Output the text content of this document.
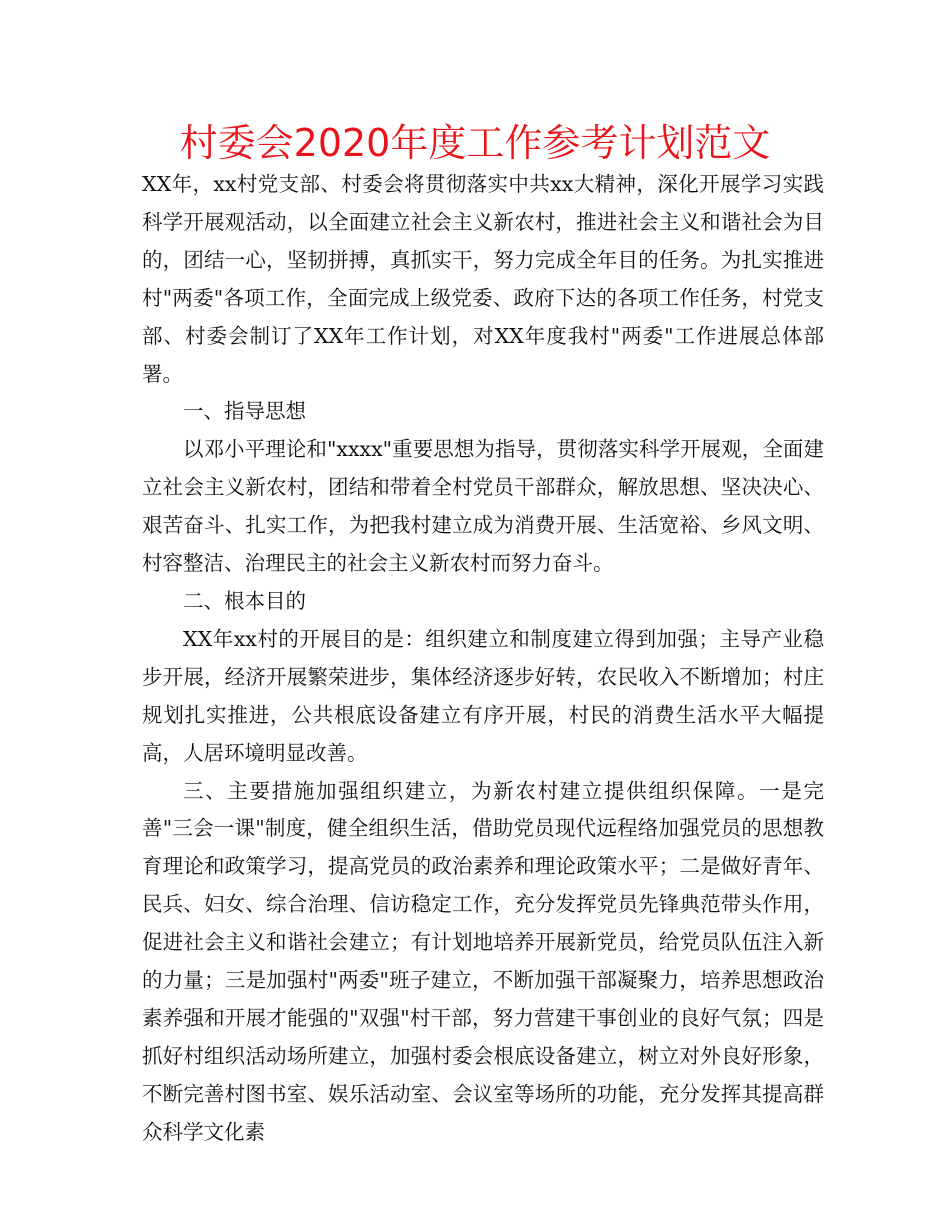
村委会2020年度工作参考计划范文

XX年，xx村党支部、村委会将贯彻落实中共xx大精神，深化开展学习实践科学开展观活动，以全面建立社会主义新农村，推进社会主义和谐社会为目的，团结一心，坚韧拼搏，真抓实干，努力完成全年目的任务。为扎实推进村"两委"各项工作，全面完成上级党委、政府下达的各项工作任务，村党支部、村委会制订了XX年工作计划，对XX年度我村"两委"工作进展总体部署。

一、指导思想

以邓小平理论和"xxxx"重要思想为指导，贯彻落实科学开展观，全面建立社会主义新农村，团结和带着全村党员干部群众，解放思想、坚决决心、艰苦奋斗、扎实工作，为把我村建立成为消费开展、生活宽裕、乡风文明、村容整洁、治理民主的社会主义新农村而努力奋斗。

二、根本目的

XX年xx村的开展目的是：组织建立和制度建立得到加强；主导产业稳步开展，经济开展繁荣进步，集体经济逐步好转，农民收入不断增加；村庄规划扎实推进，公共根底设备建立有序开展，村民的消费生活水平大幅提高，人居环境明显改善。

三、主要措施加强组织建立，为新农村建立提供组织保障。一是完善"三会一课"制度，健全组织生活，借助党员现代远程络加强党员的思想教育理论和政策学习，提高党员的政治素养和理论政策水平；二是做好青年、民兵、妇女、综合治理、信访稳定工作，充分发挥党员先锋典范带头作用，促进社会主义和谐社会建立；有计划地培养开展新党员，给党员队伍注入新的力量；三是加强村"两委"班子建立，不断加强干部凝聚力，培养思想政治素养强和开展才能强的"双强"村干部，努力营建干事创业的良好气氛；四是抓好村组织活动场所建立，加强村委会根底设备建立，树立对外良好形象，不断完善村图书室、娱乐活动室、会议室等场所的功能，充分发挥其提高群众科学文化素
